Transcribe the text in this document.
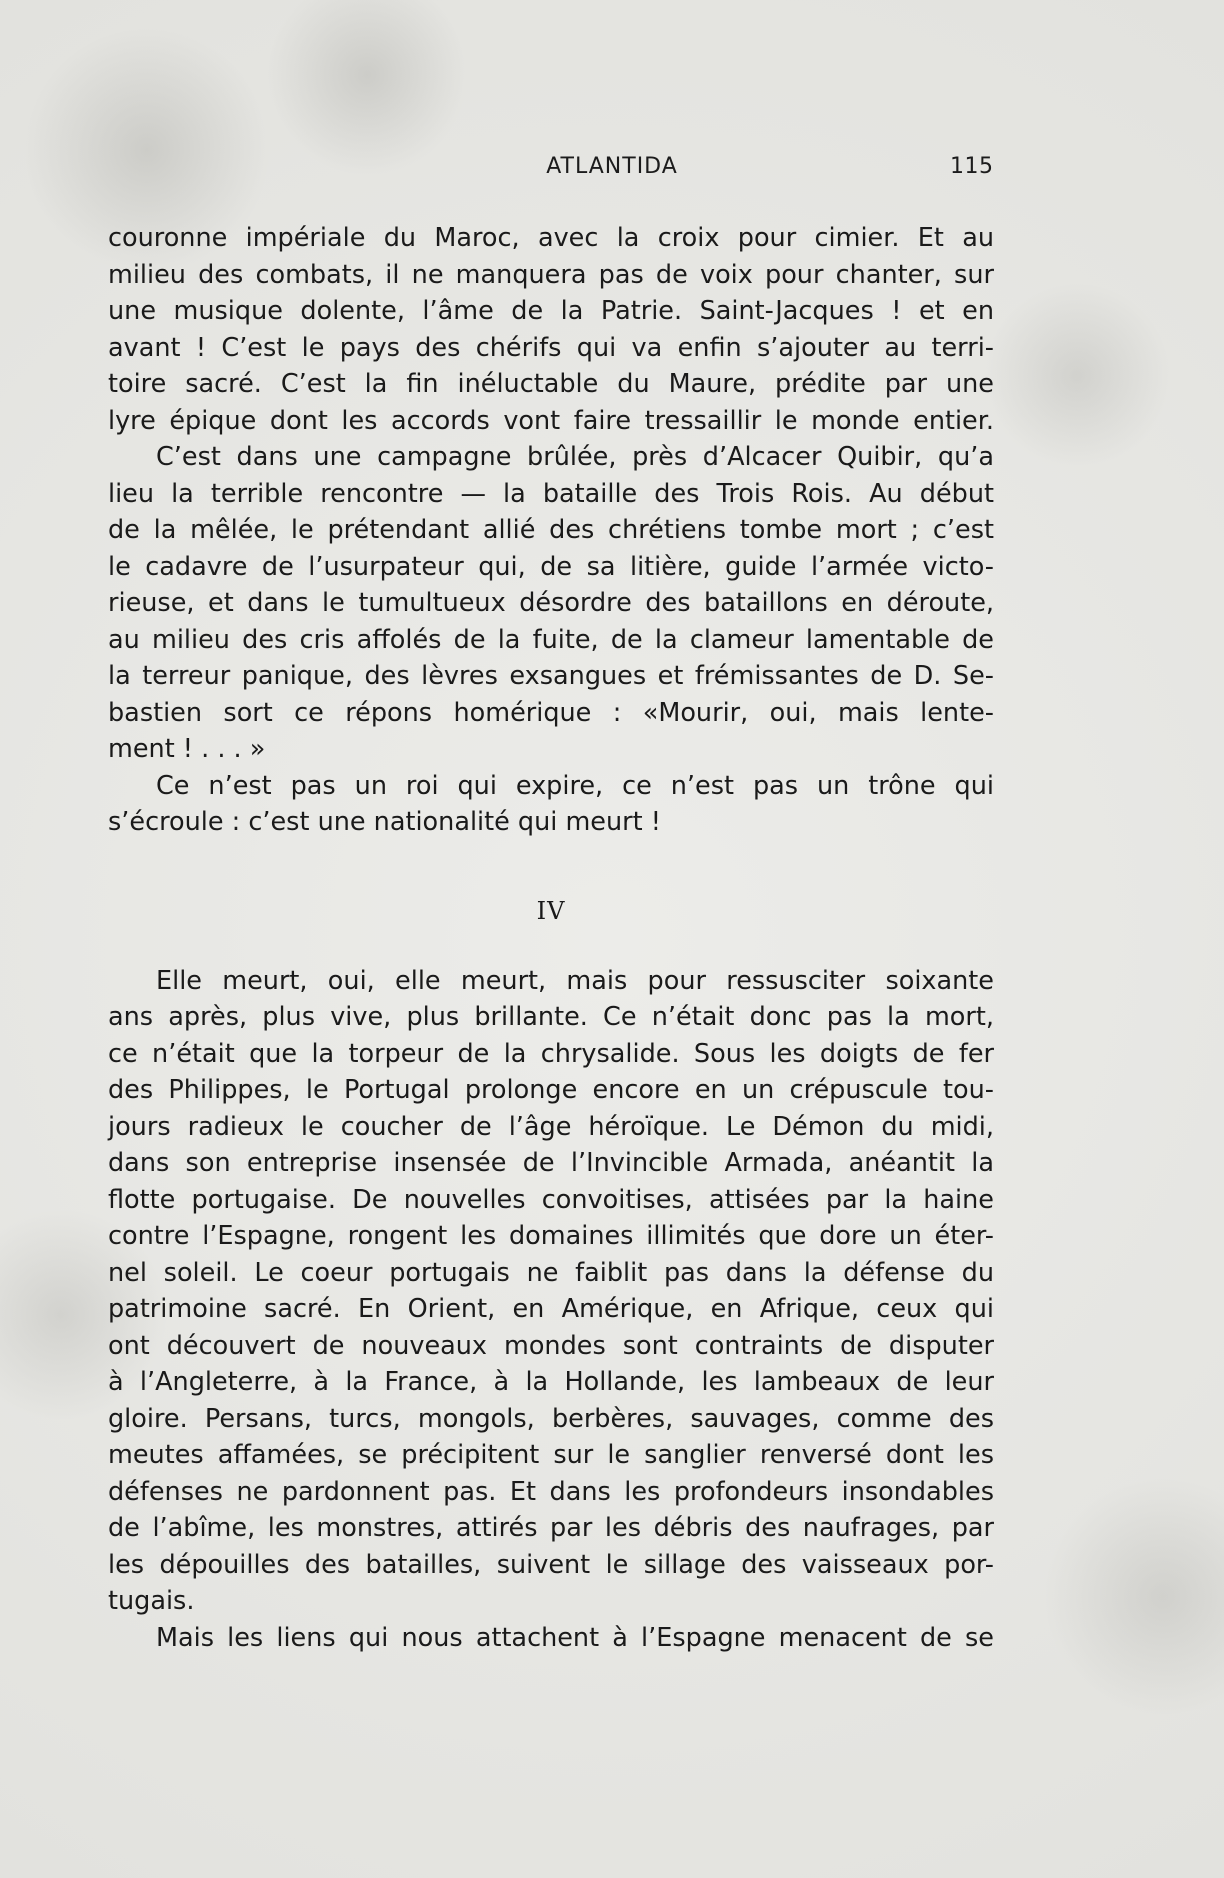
ATLANTIDA	115
couronne impériale du Maroc, avec la croix pour cimier. Et au
milieu des combats, il ne manquera pas de voix pour chanter, sur
une musique dolente, l’âme de la Patrie. Saint-Jacques ! et en
avant ! C’est le pays des chérifs qui va enfin s’ajouter au terri-
toire sacré. C’est la fin inéluctable du Maure, prédite par une
lyre épique dont les accords vont faire tressaillir le monde entier.
C’est dans une campagne brûlée, près d’Alcacer Quibir, qu’a
lieu la terrible rencontre — la bataille des Trois Rois. Au début
de la mêlée, le prétendant allié des chrétiens tombe mort ; c’est
le cadavre de l’usurpateur qui, de sa litière, guide l’armée victo-
rieuse, et dans le tumultueux désordre des bataillons en déroute,
au milieu des cris affolés de la fuite, de la clameur lamentable de
la terreur panique, des lèvres exsangues et frémissantes de D. Se-
bastien sort ce répons homérique : «Mourir, oui, mais lente-
ment ! . . . »
Ce n’est pas un roi qui expire, ce n’est pas un trône qui
s’écroule : c’est une nationalité qui meurt !
IV
Elle meurt, oui, elle meurt, mais pour ressusciter soixante
ans après, plus vive, plus brillante. Ce n’était donc pas la mort,
ce n’était que la torpeur de la chrysalide. Sous les doigts de fer
des Philippes, le Portugal prolonge encore en un crépuscule tou-
jours radieux le coucher de l’âge héroïque. Le Démon du midi,
dans son entreprise insensée de l’Invincible Armada, anéantit la
flotte portugaise. De nouvelles convoitises, attisées par la haine
contre l’Espagne, rongent les domaines illimités que dore un éter-
nel soleil. Le coeur portugais ne faiblit pas dans la défense du
patrimoine sacré. En Orient, en Amérique, en Afrique, ceux qui
ont découvert de nouveaux mondes sont contraints de disputer
à l’Angleterre, à la France, à la Hollande, les lambeaux de leur
gloire. Persans, turcs, mongols, berbères, sauvages, comme des
meutes affamées, se précipitent sur le sanglier renversé dont les
défenses ne pardonnent pas. Et dans les profondeurs insondables
de l’abîme, les monstres, attirés par les débris des naufrages, par
les dépouilles des batailles, suivent le sillage des vaisseaux por-
tugais.
Mais les liens qui nous attachent à l’Espagne menacent de se
